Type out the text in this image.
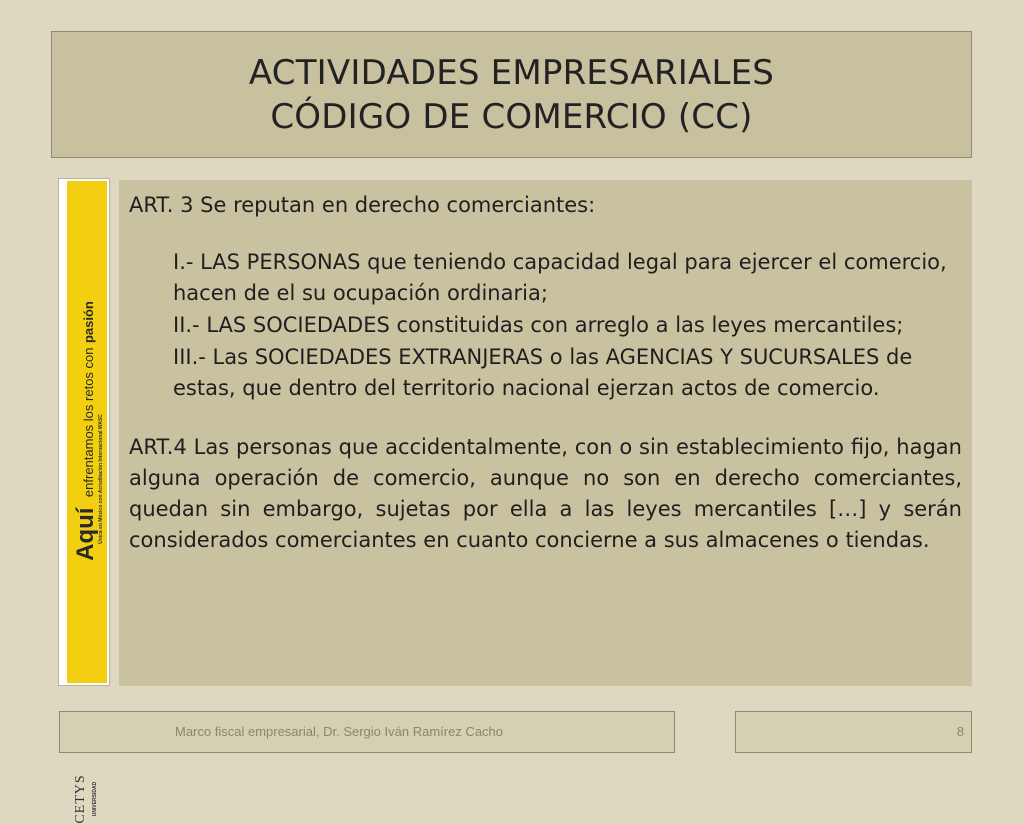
ACTIVIDADES EMPRESARIALES
CÓDIGO DE COMERCIO (CC)
Aquí enfrentamos los retos con pasión
Única en México con Acreditación Internacional WASC
CETYS UNIVERSIDAD

ART. 3 Se reputan en derecho comerciantes:

I.- LAS PERSONAS que teniendo capacidad legal para ejercer el comercio, hacen de el su ocupación ordinaria;

II.- LAS SOCIEDADES constituidas con arreglo a las leyes mercantiles;

III.- Las SOCIEDADES EXTRANJERAS o las AGENCIAS Y SUCURSALES de estas, que dentro del territorio nacional ejerzan actos de comercio.

ART.4 Las personas que accidentalmente, con o sin establecimiento fijo, hagan alguna operación de comercio, aunque no son en derecho comerciantes, quedan sin embargo, sujetas por ella a las leyes mercantiles […] y serán considerados comerciantes en cuanto concierne a sus almacenes o tiendas.

Marco fiscal empresarial, Dr. Sergio Iván Ramírez Cacho	8
